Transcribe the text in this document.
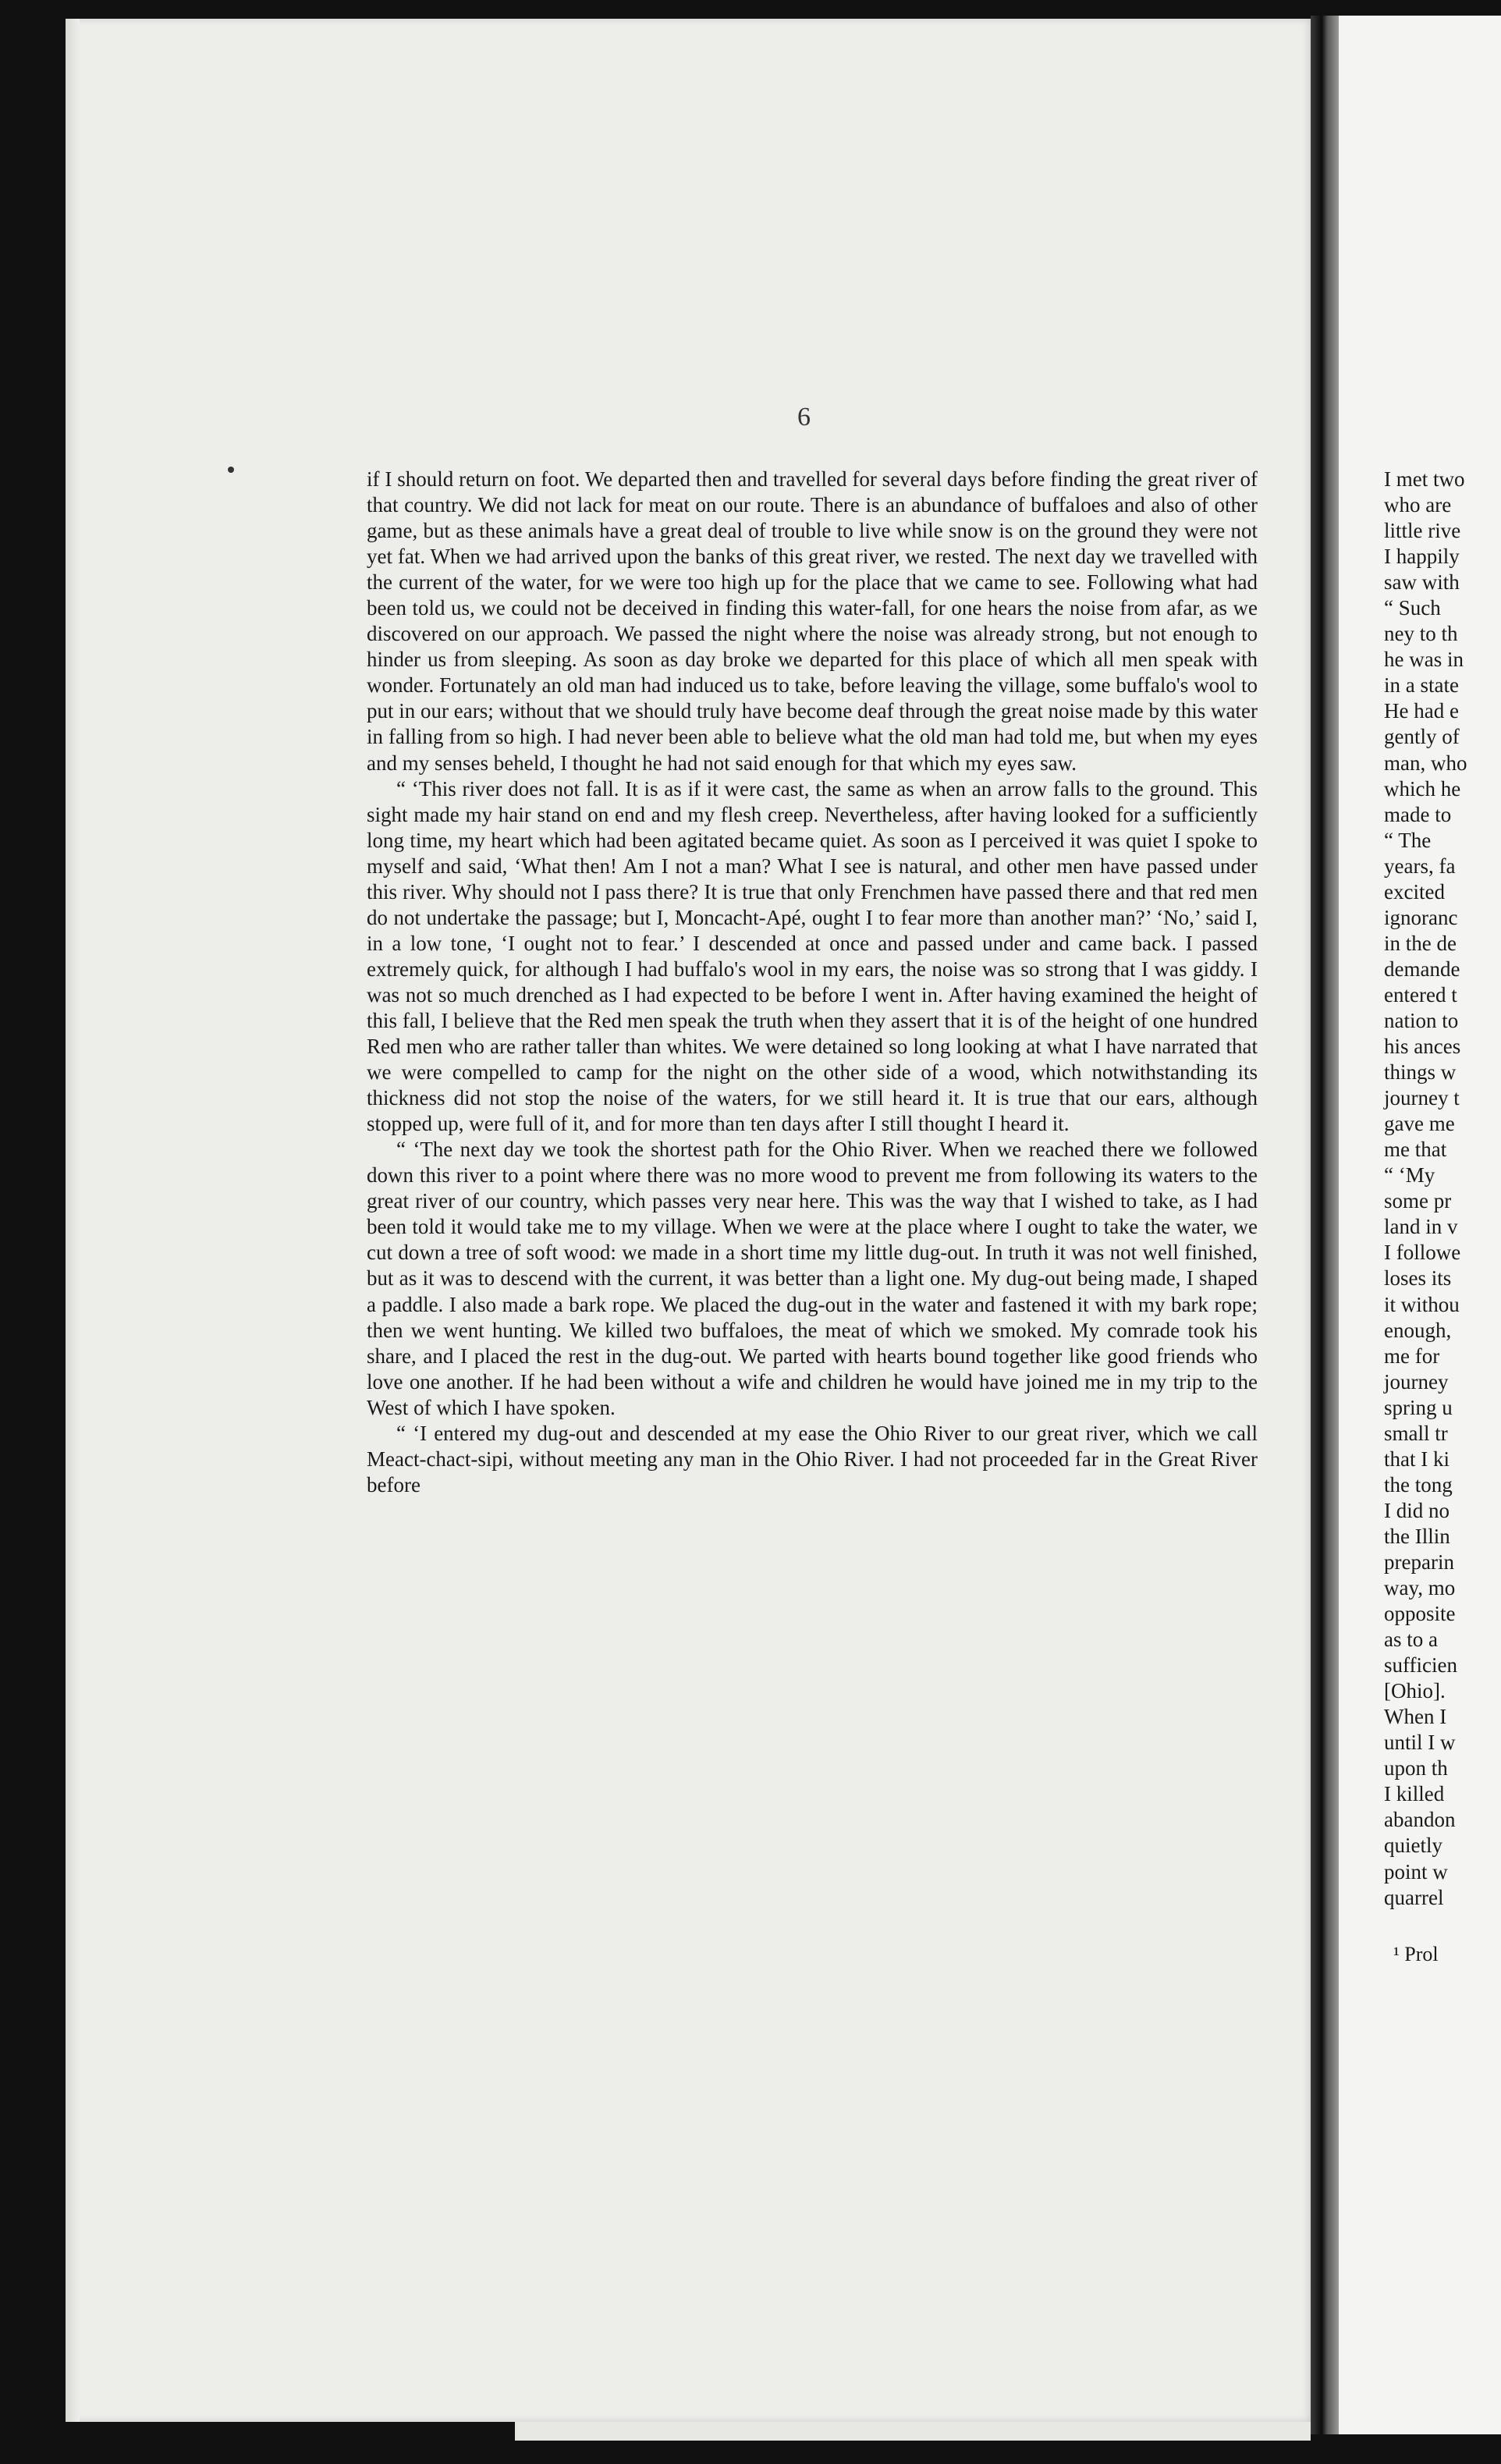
6

if I should return on foot. We departed then and travelled for several days before finding the great river of that country. We did not lack for meat on our route. There is an abundance of buffaloes and also of other game, but as these animals have a great deal of trouble to live while snow is on the ground they were not yet fat. When we had arrived upon the banks of this great river, we rested. The next day we travelled with the current of the water, for we were too high up for the place that we came to see. Following what had been told us, we could not be deceived in finding this water-fall, for one hears the noise from afar, as we discovered on our approach. We passed the night where the noise was already strong, but not enough to hinder us from sleeping. As soon as day broke we departed for this place of which all men speak with wonder. Fortunately an old man had induced us to take, before leaving the village, some buffalo's wool to put in our ears; without that we should truly have become deaf through the great noise made by this water in falling from so high. I had never been able to believe what the old man had told me, but when my eyes and my senses beheld, I thought he had not said enough for that which my eyes saw.

“ ‘This river does not fall. It is as if it were cast, the same as when an arrow falls to the ground. This sight made my hair stand on end and my flesh creep. Nevertheless, after having looked for a sufficiently long time, my heart which had been agitated became quiet. As soon as I perceived it was quiet I spoke to myself and said, ‘What then! Am I not a man? What I see is natural, and other men have passed under this river. Why should not I pass there? It is true that only Frenchmen have passed there and that red men do not undertake the passage; but I, Moncacht-Apé, ought I to fear more than another man?’ ‘No,’ said I, in a low tone, ‘I ought not to fear.’ I descended at once and passed under and came back. I passed extremely quick, for although I had buffalo's wool in my ears, the noise was so strong that I was giddy. I was not so much drenched as I had expected to be before I went in. After having examined the height of this fall, I believe that the Red men speak the truth when they assert that it is of the height of one hundred Red men who are rather taller than whites. We were detained so long looking at what I have narrated that we were compelled to camp for the night on the other side of a wood, which notwithstanding its thickness did not stop the noise of the waters, for we still heard it. It is true that our ears, although stopped up, were full of it, and for more than ten days after I still thought I heard it.

“ ‘The next day we took the shortest path for the Ohio River. When we reached there we followed down this river to a point where there was no more wood to prevent me from following its waters to the great river of our country, which passes very near here. This was the way that I wished to take, as I had been told it would take me to my village. When we were at the place where I ought to take the water, we cut down a tree of soft wood: we made in a short time my little dug-out. In truth it was not well finished, but as it was to descend with the current, it was better than a light one. My dug-out being made, I shaped a paddle. I also made a bark rope. We placed the dug-out in the water and fastened it with my bark rope; then we went hunting. We killed two buffaloes, the meat of which we smoked. My comrade took his share, and I placed the rest in the dug-out. We parted with hearts bound together like good friends who love one another. If he had been without a wife and children he would have joined me in my trip to the West of which I have spoken.

“ ‘I entered my dug-out and descended at my ease the Ohio River to our great river, which we call Meact-chact-sipi, without meeting any man in the Ohio River. I had not proceeded far in the Great River before

I met two
who are
little rive
I happily
saw with
“ Such
ney to th
he was in
in a state
He had e
gently of
man, who
which he
made to
“ The
years, fa
excited
ignoranc
in the de
demande
entered t
nation to
his ances
things w
journey t
gave me
me that
“ ‘My
some pr
land in v
I followe
loses its
it withou
enough,
me for
journey
spring u
small tr
that I ki
the tong
I did no
the Illin
preparin
way, mo
opposite
as to a
sufficien
[Ohio].
When I
until I w
upon th
I killed
abandon
quietly
point w
quarrel
¹ Prol
